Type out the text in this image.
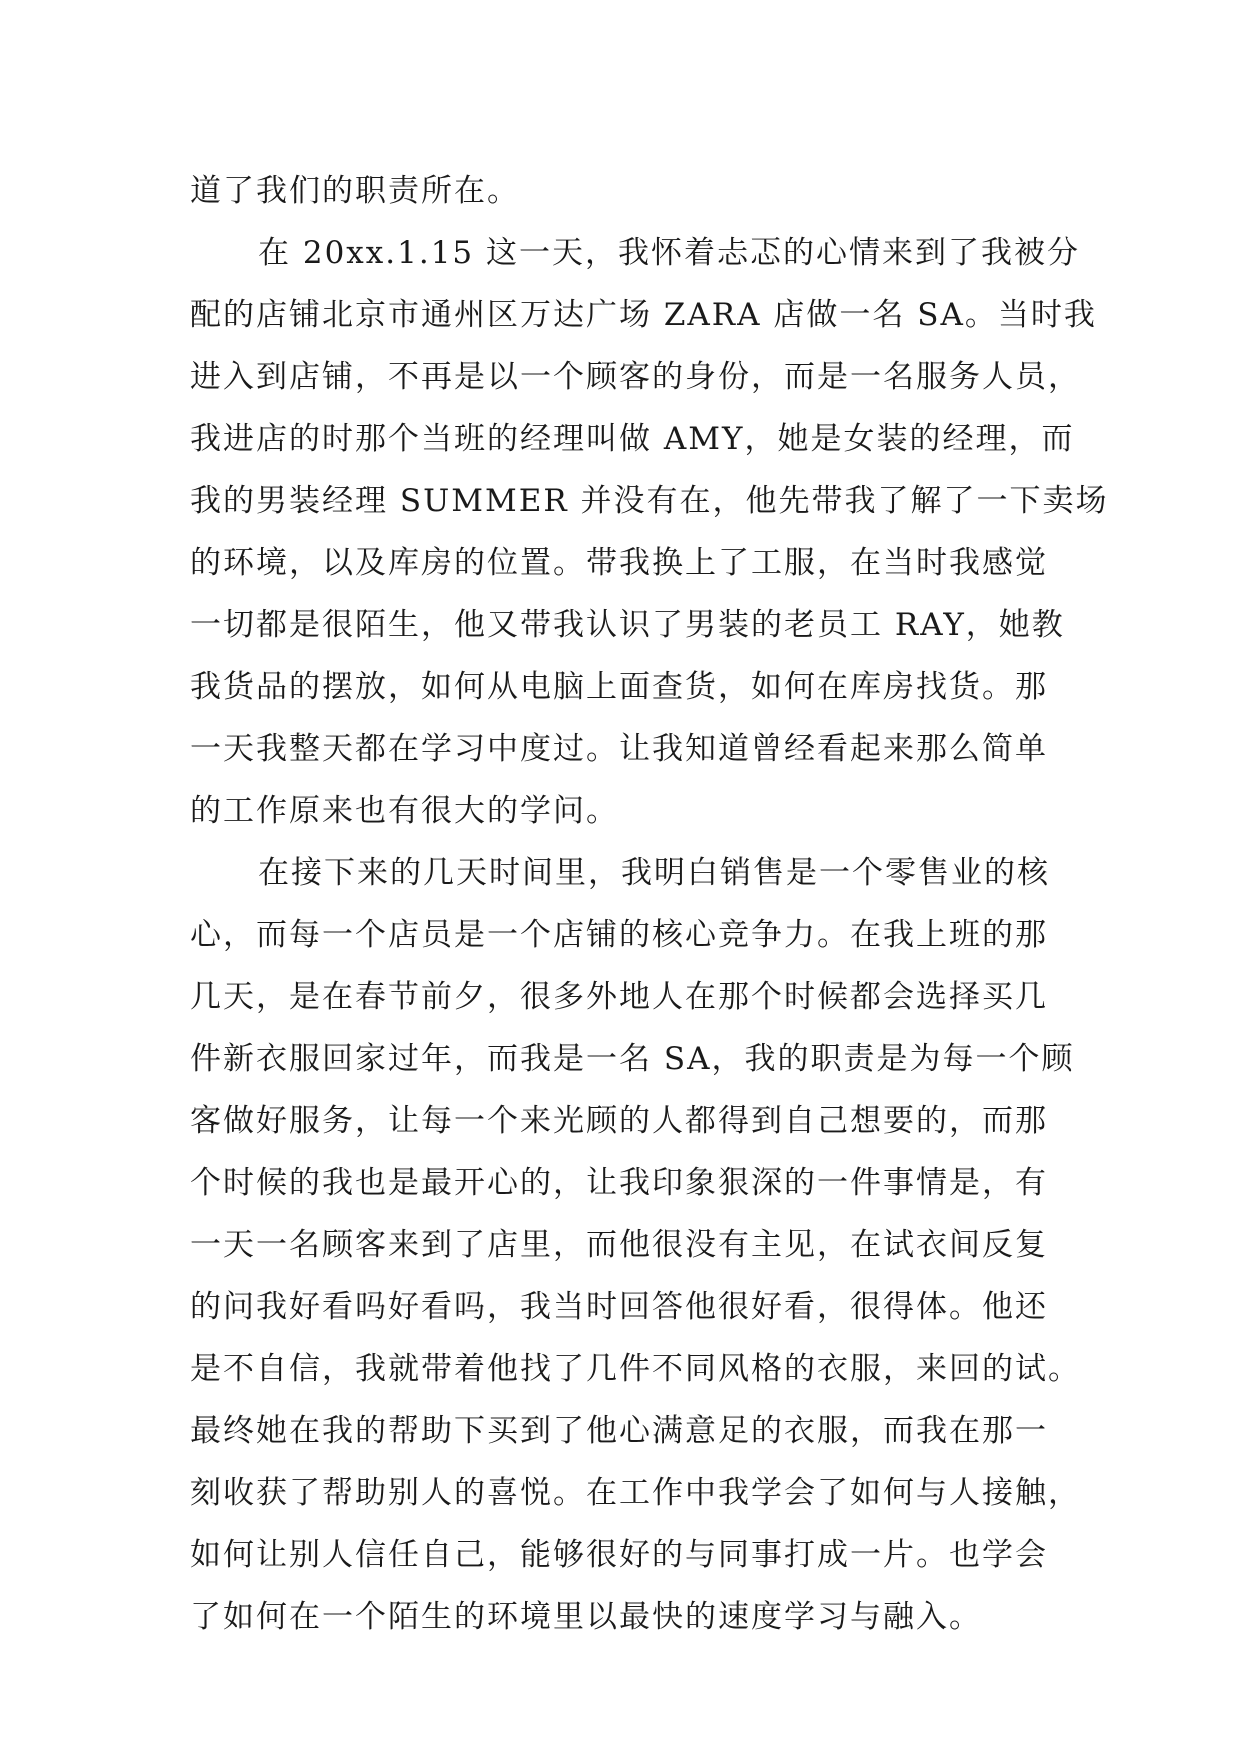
道了我们的职责所在。
在 20xx.1.15 这一天，我怀着忐忑的心情来到了我被分
配的店铺北京市通州区万达广场 ZARA 店做一名 SA。当时我
进入到店铺，不再是以一个顾客的身份，而是一名服务人员，
我进店的时那个当班的经理叫做 AMY，她是女装的经理，而
我的男装经理 SUMMER 并没有在，他先带我了解了一下卖场
的环境，以及库房的位置。带我换上了工服，在当时我感觉
一切都是很陌生，他又带我认识了男装的老员工 RAY，她教
我货品的摆放，如何从电脑上面查货，如何在库房找货。那
一天我整天都在学习中度过。让我知道曾经看起来那么简单
的工作原来也有很大的学问。
在接下来的几天时间里，我明白销售是一个零售业的核
心，而每一个店员是一个店铺的核心竞争力。在我上班的那
几天，是在春节前夕，很多外地人在那个时候都会选择买几
件新衣服回家过年，而我是一名 SA，我的职责是为每一个顾
客做好服务，让每一个来光顾的人都得到自己想要的，而那
个时候的我也是最开心的，让我印象狠深的一件事情是，有
一天一名顾客来到了店里，而他很没有主见，在试衣间反复
的问我好看吗好看吗，我当时回答他很好看，很得体。他还
是不自信，我就带着他找了几件不同风格的衣服，来回的试。
最终她在我的帮助下买到了他心满意足的衣服，而我在那一
刻收获了帮助别人的喜悦。在工作中我学会了如何与人接触，
如何让别人信任自己，能够很好的与同事打成一片。也学会
了如何在一个陌生的环境里以最快的速度学习与融入。
